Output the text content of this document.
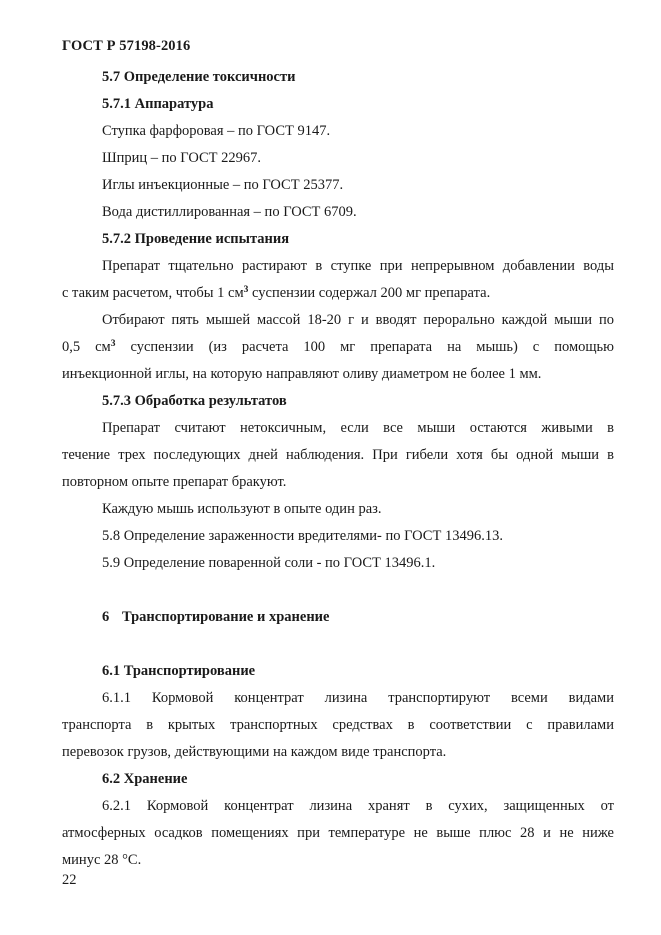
ГОСТ Р 57198-2016
5.7 Определение токсичности
5.7.1 Аппаратура
Ступка фарфоровая – по ГОСТ 9147.
Шприц – по ГОСТ 22967.
Иглы инъекционные – по ГОСТ 25377.
Вода дистиллированная – по ГОСТ 6709.
5.7.2 Проведение испытания
Препарат тщательно растирают в ступке при непрерывном добавлении воды
с таким расчетом, чтобы 1 $см^3$ суспензии содержал 200 мг препарата.
Отбирают пять мышей массой 18-20 г и вводят перорально каждой мыши по
0,5 $см^3$ суспензии (из расчета 100 мг препарата на мышь) с помощью
инъекционной иглы, на которую направляют оливу диаметром не более 1 мм.
5.7.3 Обработка результатов
Препарат считают нетоксичным, если все мыши остаются живыми в
течение трех последующих дней наблюдения. При гибели хотя бы одной мыши в
повторном опыте препарат бракуют.
Каждую мышь используют в опыте один раз.
5.8 Определение зараженности вредителями- по ГОСТ 13496.13.
5.9 Определение поваренной соли - по ГОСТ 13496.1.
6 Транспортирование и хранение
6.1 Транспортирование
6.1.1 Кормовой концентрат лизина транспортируют всеми видами
транспорта в крытых транспортных средствах в соответствии с правилами
перевозок грузов, действующими на каждом виде транспорта.
6.2 Хранение
6.2.1 Кормовой концентрат лизина хранят в сухих, защищенных от
атмосферных осадков помещениях при температуре не выше плюс 28 и не ниже
минус 28 °С.
22
